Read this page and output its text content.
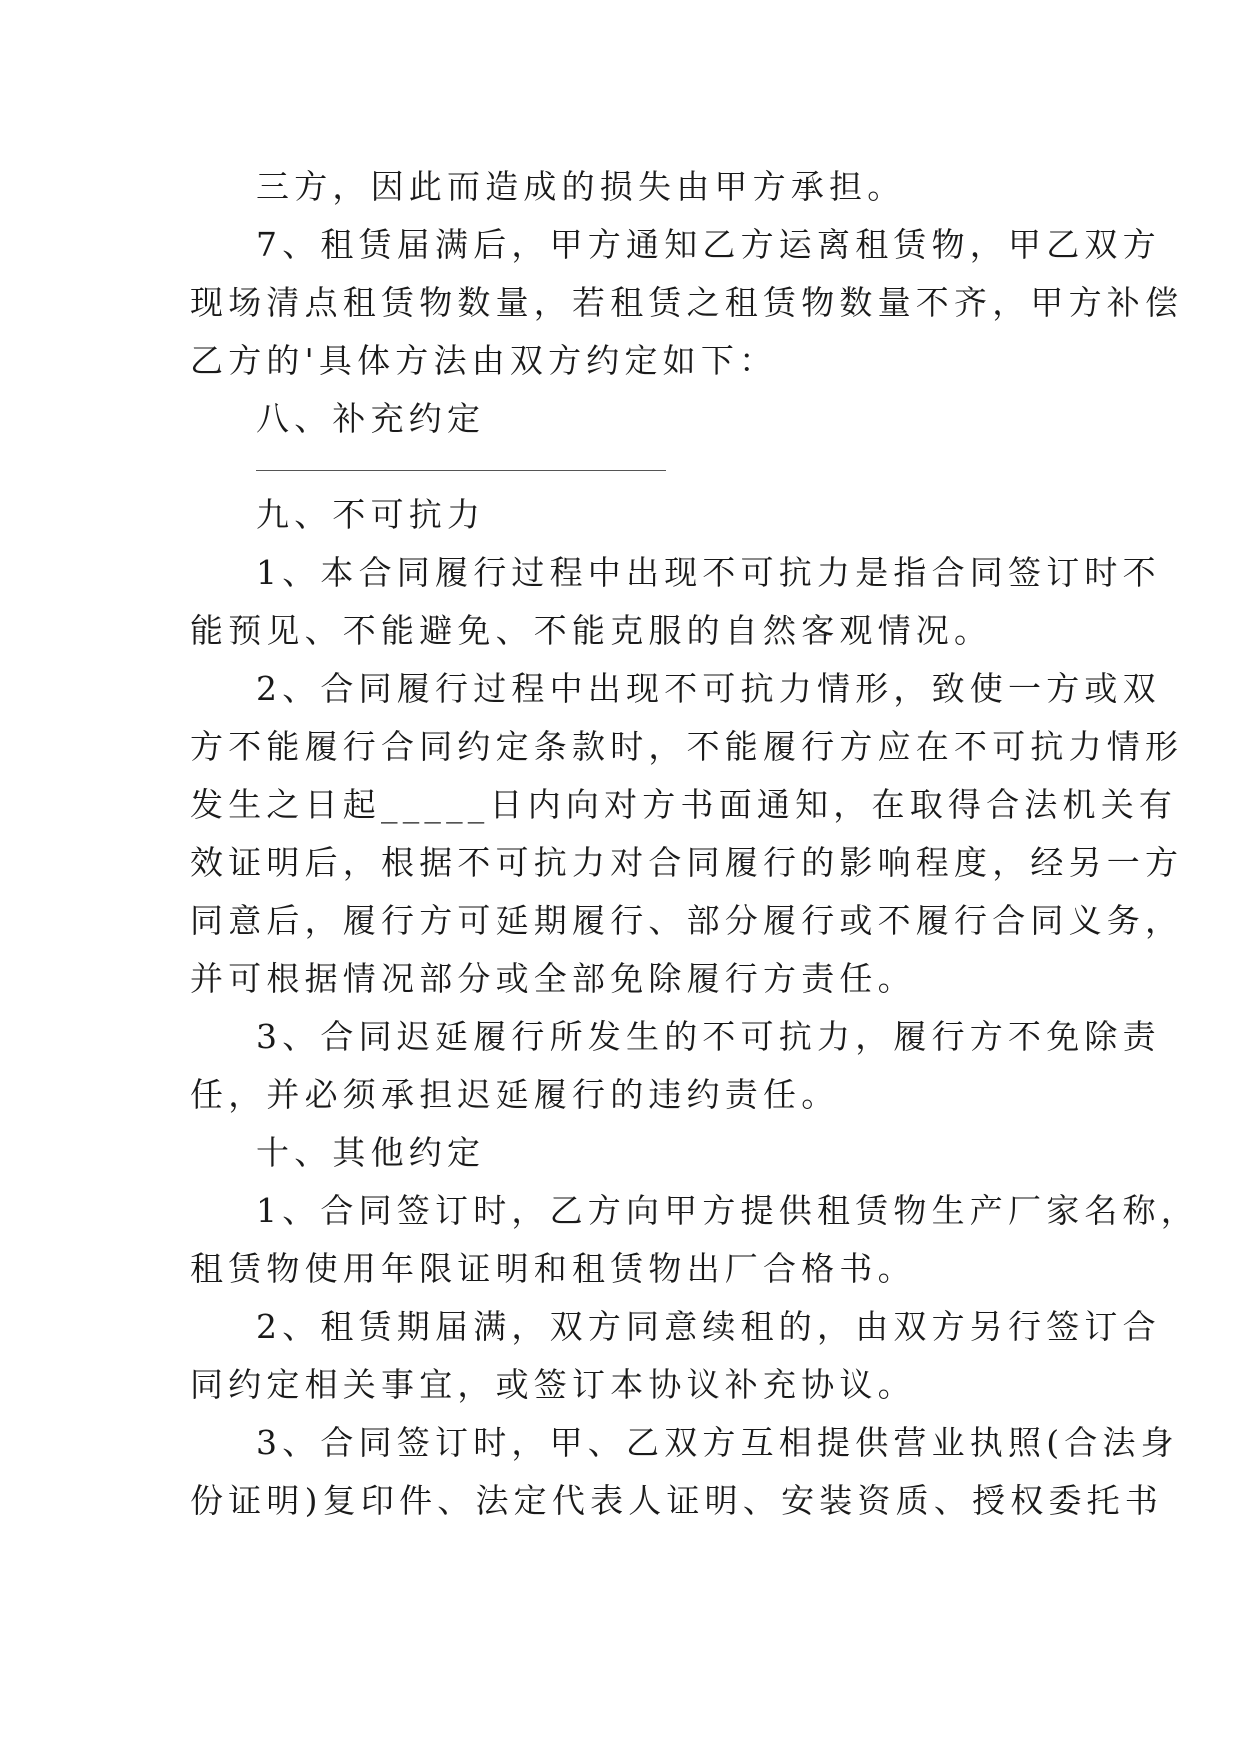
三方，因此而造成的损失由甲方承担。
7、租赁届满后，甲方通知乙方运离租赁物，甲乙双方
现场清点租赁物数量，若租赁之租赁物数量不齐，甲方补偿
乙方的'具体方法由双方约定如下：
八、补充约定
九、不可抗力
1、本合同履行过程中出现不可抗力是指合同签订时不
能预见、不能避免、不能克服的自然客观情况。
2、合同履行过程中出现不可抗力情形，致使一方或双
方不能履行合同约定条款时，不能履行方应在不可抗力情形
发生之日起_____日内向对方书面通知，在取得合法机关有
效证明后，根据不可抗力对合同履行的影响程度，经另一方
同意后，履行方可延期履行、部分履行或不履行合同义务，
并可根据情况部分或全部免除履行方责任。
3、合同迟延履行所发生的不可抗力，履行方不免除责
任，并必须承担迟延履行的违约责任。
十、其他约定
1、合同签订时，乙方向甲方提供租赁物生产厂家名称，
租赁物使用年限证明和租赁物出厂合格书。
2、租赁期届满，双方同意续租的，由双方另行签订合
同约定相关事宜，或签订本协议补充协议。
3、合同签订时，甲、乙双方互相提供营业执照(合法身
份证明)复印件、法定代表人证明、安装资质、授权委托书
